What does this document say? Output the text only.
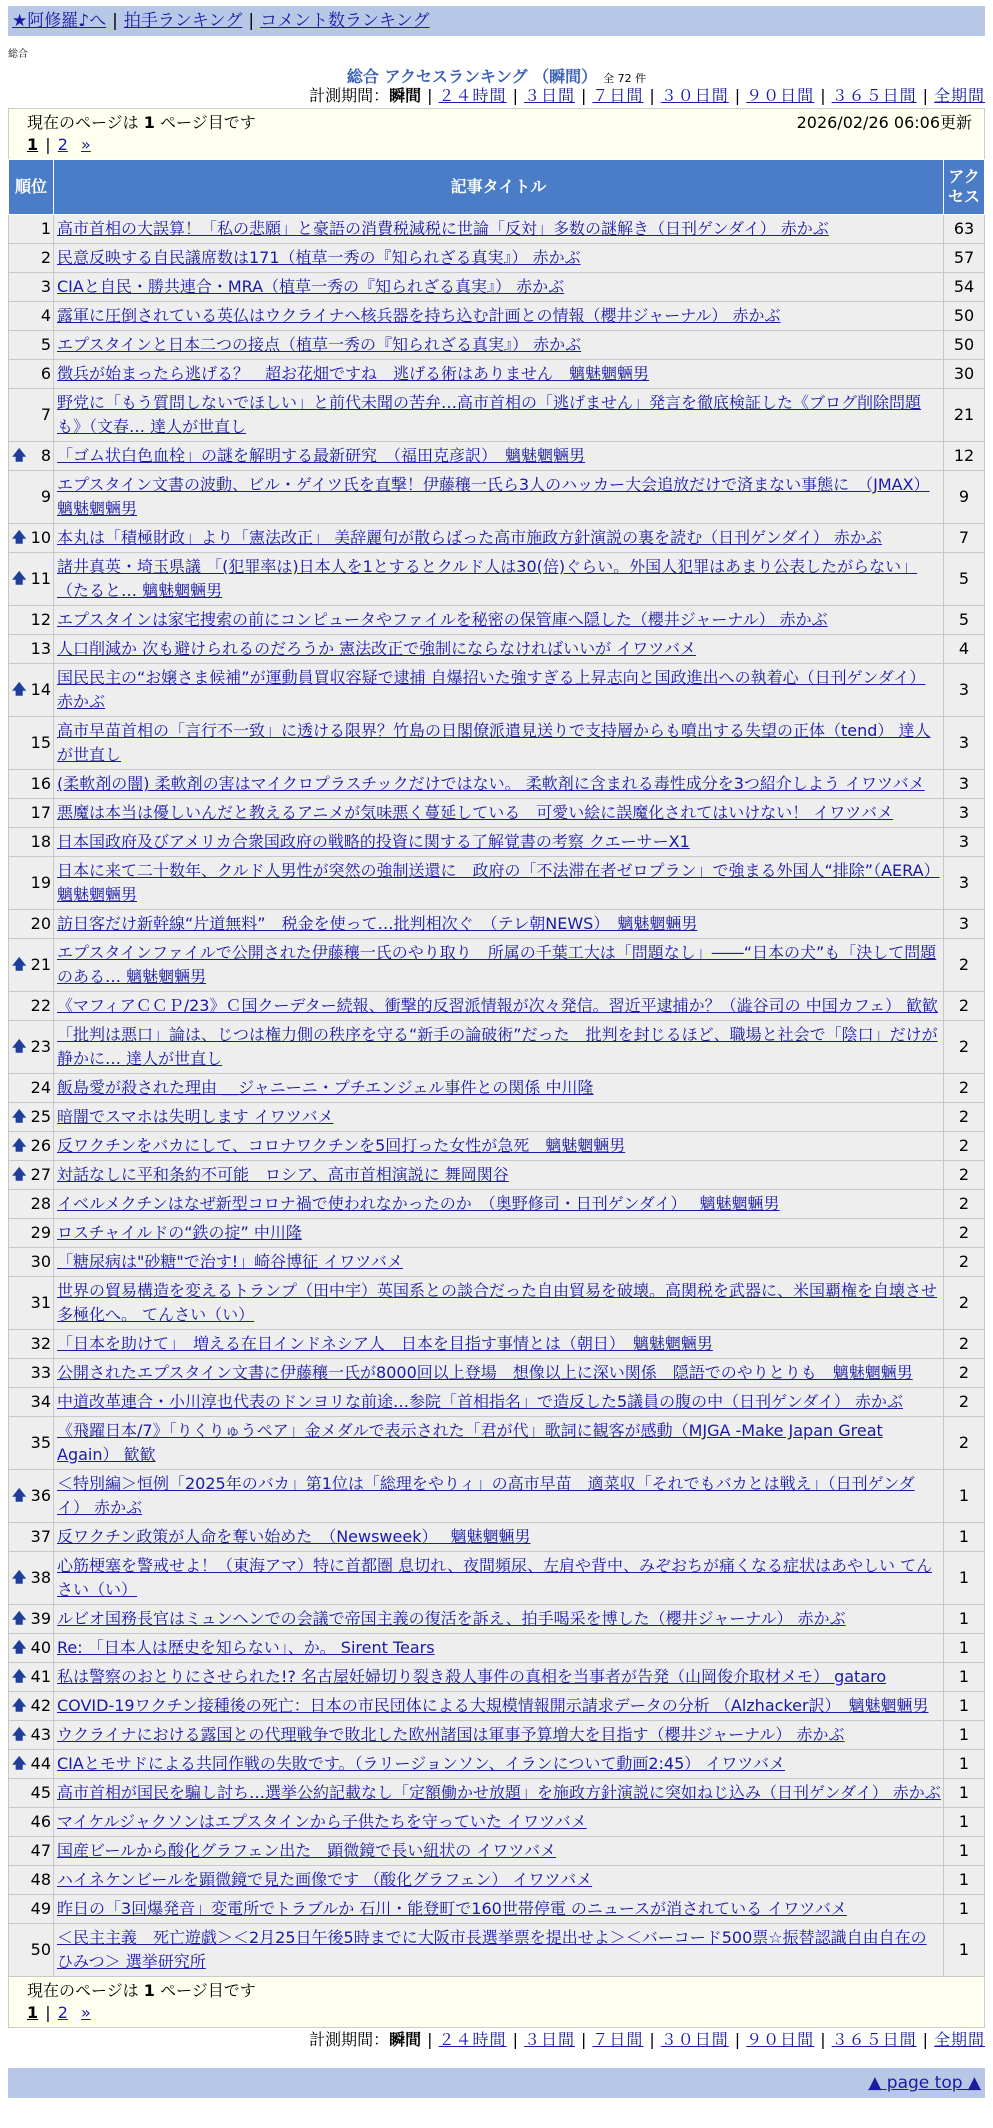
★阿修羅♪へ | 拍手ランキング | コメント数ランキング
総合
総合 アクセスランキング （瞬間） 全 72 件
計測期間：瞬間 | ２４時間 | ３日間 | ７日間 | ３０日間 | ９０日間 | ３６５日間 | 全期間
現在のページは 1 ページ目です	2026/02/26 06:06更新
1 | 2 »
順位	記事タイトル	アクセス
1	高市首相の大誤算！「私の悲願」と豪語の消費税減税に世論「反対」多数の謎解き（日刊ゲンダイ） 赤かぶ	63
2	民意反映する自民議席数は171（植草一秀の『知られざる真実』） 赤かぶ	57
3	CIAと自民・勝共連合・MRA（植草一秀の『知られざる真実』） 赤かぶ	54
4	露軍に圧倒されている英仏はウクライナへ核兵器を持ち込む計画との情報（櫻井ジャーナル） 赤かぶ	50
5	エプスタインと日本二つの接点（植草一秀の『知られざる真実』） 赤かぶ	50
6	徴兵が始まったら逃げる？　超お花畑ですね　逃げる術はありません　魑魅魍魎男	30
7	野党に「もう質問しないでほしい」と前代未聞の苦弁…高市首相の「逃げません」発言を徹底検証した《ブログ削除問題も》（文春… 達人が世直し	21

🡅 8	「ゴム状白色血栓」の謎を解明する最新研究　（福田克彦訳）　魑魅魍魎男	12
9	エプスタイン文書の波動、ビル・ゲイツ氏を直撃！伊藤穰一氏ら3人のハッカー大会追放だけで済まない事態に　（JMAX） 魑魅魍魎男	9

🡅 10	本丸は「積極財政」より「憲法改正」 美辞麗句が散らばった高市施政方針演説の裏を読む（日刊ゲンダイ） 赤かぶ	7

🡅 11	諸井真英・埼玉県議 「(犯罪率は)日本人を1とするとクルド人は30(倍)ぐらい。外国人犯罪はあまり公表したがらない」（たると… 魑魅魍魎男	5
12	エプスタインは家宅捜索の前にコンピュータやファイルを秘密の保管庫へ隠した（櫻井ジャーナル） 赤かぶ	5
13	人口削減か 次も避けられるのだろうか 憲法改正で強制にならなければいいが イワツバメ	4

🡅 14	国民民主の“お嬢さま候補”が運動員買収容疑で逮捕 自爆招いた強すぎる上昇志向と国政進出への執着心（日刊ゲンダイ） 赤かぶ	3
15	高市早苗首相の「言行不一致」に透ける限界？竹島の日閣僚派遣見送りで支持層からも噴出する失望の正体（tend） 達人が世直し	3
16	(柔軟剤の闇) 柔軟剤の害はマイクロプラスチックだけではない。 柔軟剤に含まれる毒性成分を3つ紹介しよう イワツバメ	3
17	悪魔は本当は優しいんだと教えるアニメが気味悪く蔓延している　可愛い絵に誤魔化されてはいけない！ イワツバメ	3
18	日本国政府及びアメリカ合衆国政府の戦略的投資に関する了解覚書の考察 クエーサーX1	3
19	日本に来て二十数年、クルド人男性が突然の強制送還に　政府の「不法滞在者ゼロプラン」で強まる外国人“排除”（AERA） 魑魅魍魎男	3
20	訪日客だけ新幹線“片道無料”　税金を使って…批判相次ぐ　（テレ朝NEWS）　魑魅魍魎男	3

🡅 21	エプスタインファイルで公開された伊藤穰一氏のやり取り　所属の千葉工大は「問題なし」――“日本の犬”も「決して問題のある… 魑魅魍魎男	2
22	《マフィアＣＣＰ/23》Ｃ国クーデター続報、衝撃的反習派情報が次々発信。習近平逮捕か？（澁谷司の 中国カフェ） 歓歓	2

🡅 23	「批判は悪口」論は、じつは権力側の秩序を守る“新手の論破術”だった　批判を封じるほど、職場と社会で「陰口」だけが静かに… 達人が世直し	2
24	飯島愛が殺された理由 ＿ジャニーニ・プチエンジェル事件との関係 中川隆	2

🡅 25	暗闇でスマホは失明します イワツバメ	2

🡅 26	反ワクチンをバカにして、コロナワクチンを5回打った女性が急死　魑魅魍魎男	2

🡅 27	対話なしに平和条約不可能　ロシア、高市首相演説に 舞岡関谷	2
28	イベルメクチンはなぜ新型コロナ禍で使われなかったのか　（奥野修司・日刊ゲンダイ）　 魑魅魍魎男	2
29	ロスチャイルドの“鉄の掟” 中川隆	2
30	「糖尿病は"砂糖"で治す!」崎谷博征 イワツバメ	2
31	世界の貿易構造を変えるトランプ（田中宇）英国系との談合だった自由貿易を破壊。高関税を武器に、米国覇権を自壊させ多極化へ。 てんさい（い）	2
32	「日本を助けて」　増える在日インドネシア人　日本を目指す事情とは（朝日）　魑魅魍魎男	2
33	公開されたエプスタイン文書に伊藤穰一氏が8000回以上登場　想像以上に深い関係　隠語でのやりとりも　魑魅魍魎男	2
34	中道改革連合・小川淳也代表のドンヨリな前途…参院「首相指名」で造反した5議員の腹の中（日刊ゲンダイ） 赤かぶ	2
35	《飛躍日本/7》「りくりゅうペア」金メダルで表示された「君が代」歌詞に観客が感動（MJGA -Make Japan Great Again） 歓歓	2

🡅 36	＜特別編＞恒例「2025年のバカ」第1位は「総理をやりィ」の高市早苗　適菜収「それでもバカとは戦え」（日刊ゲンダイ） 赤かぶ	1
37	反ワクチン政策が人命を奪い始めた　（Newsweek）　 魑魅魍魎男	1

🡅 38	心筋梗塞を警戒せよ！（東海アマ）特に首都圏 息切れ、夜間頻尿、左肩や背中、みぞおちが痛くなる症状はあやしい てんさい（い）	1

🡅 39	ルビオ国務長官はミュンヘンでの会議で帝国主義の復活を訴え、拍手喝采を博した（櫻井ジャーナル） 赤かぶ	1

🡅 40	Re: 「日本人は歴史を知らない」、か。 Sirent Tears	1

🡅 41	私は警察のおとりにさせられた!? 名古屋妊婦切り裂き殺人事件の真相を当事者が告発（山岡俊介取材メモ） gataro	1

🡅 42	COVID-19ワクチン接種後の死亡：日本の市民団体による大規模情報開示請求データの分析 （Alzhacker訳）　魑魅魍魎男	1

🡅 43	ウクライナにおける露国との代理戦争で敗北した欧州諸国は軍事予算増大を目指す（櫻井ジャーナル） 赤かぶ	1

🡅 44	CIAとモサドによる共同作戦の失敗です。（ラリージョンソン、イランについて動画2:45） イワツバメ	1
45	高市首相が国民を騙し討ち…選挙公約記載なし「定額働かせ放題」を施政方針演説に突如ねじ込み（日刊ゲンダイ） 赤かぶ	1
46	マイケルジャクソンはエプスタインから子供たちを守っていた イワツバメ	1
47	国産ビールから酸化グラフェン出た　顕微鏡で長い紐状の イワツバメ	1
48	ハイネケンビールを顕微鏡で見た画像です （酸化グラフェン） イワツバメ	1
49	昨日の「3回爆発音」変電所でトラブルか 石川・能登町で160世帯停電 のニュースが消されている イワツバメ	1
50	＜民主主義　死亡遊戯＞＜2月25日午後5時までに大阪市長選挙票を提出せよ＞＜バーコード500票☆振替認識自由自在のひみつ＞ 選挙研究所	1
現在のページは 1 ページ目です
1 | 2 »
計測期間：瞬間 | ２４時間 | ３日間 | ７日間 | ３０日間 | ９０日間 | ３６５日間 | 全期間
▲ page top ▲
